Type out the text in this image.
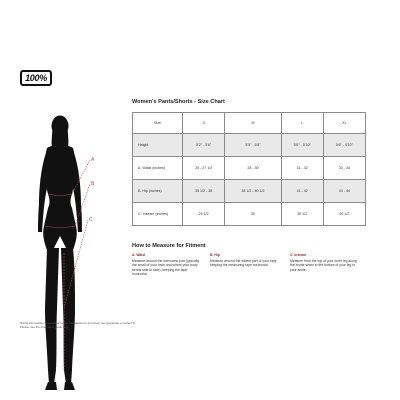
100%
A
B
C
Women's Pants/Shorts - Size Chart
Size	S	M	L	XL
Height	5'2" - 5'6"	5'5" - 5'8"	5'6" - 5'10"	5'6" - 5'10"
A. Waist (inches)	25 - 27 1/2	28 - 30	31 - 32	33 - 34
B. Hip (inches)	35 1/2 - 38	38 1/2 - 40 1/2	41 - 42	43 - 44
C. Inseam (inches)	29 1/2	30	30 1/2	30 1/2
How to Measure for Fitment
A. Waist
Measure around the narrowest part (typically the small of your back and where your body bends side to side), keeping the tape horizontal.
B. Hip
Measure around the widest part of your hips, keeping the measuring tape horizontal.
C. Inseam
Measure from the top of your inner leg along the inside seam to the bottom of your leg to your ankle.
Sizing information is provided by the manufacturer and does not guarantee a perfect fit.
Please use the chart as a guide only.
